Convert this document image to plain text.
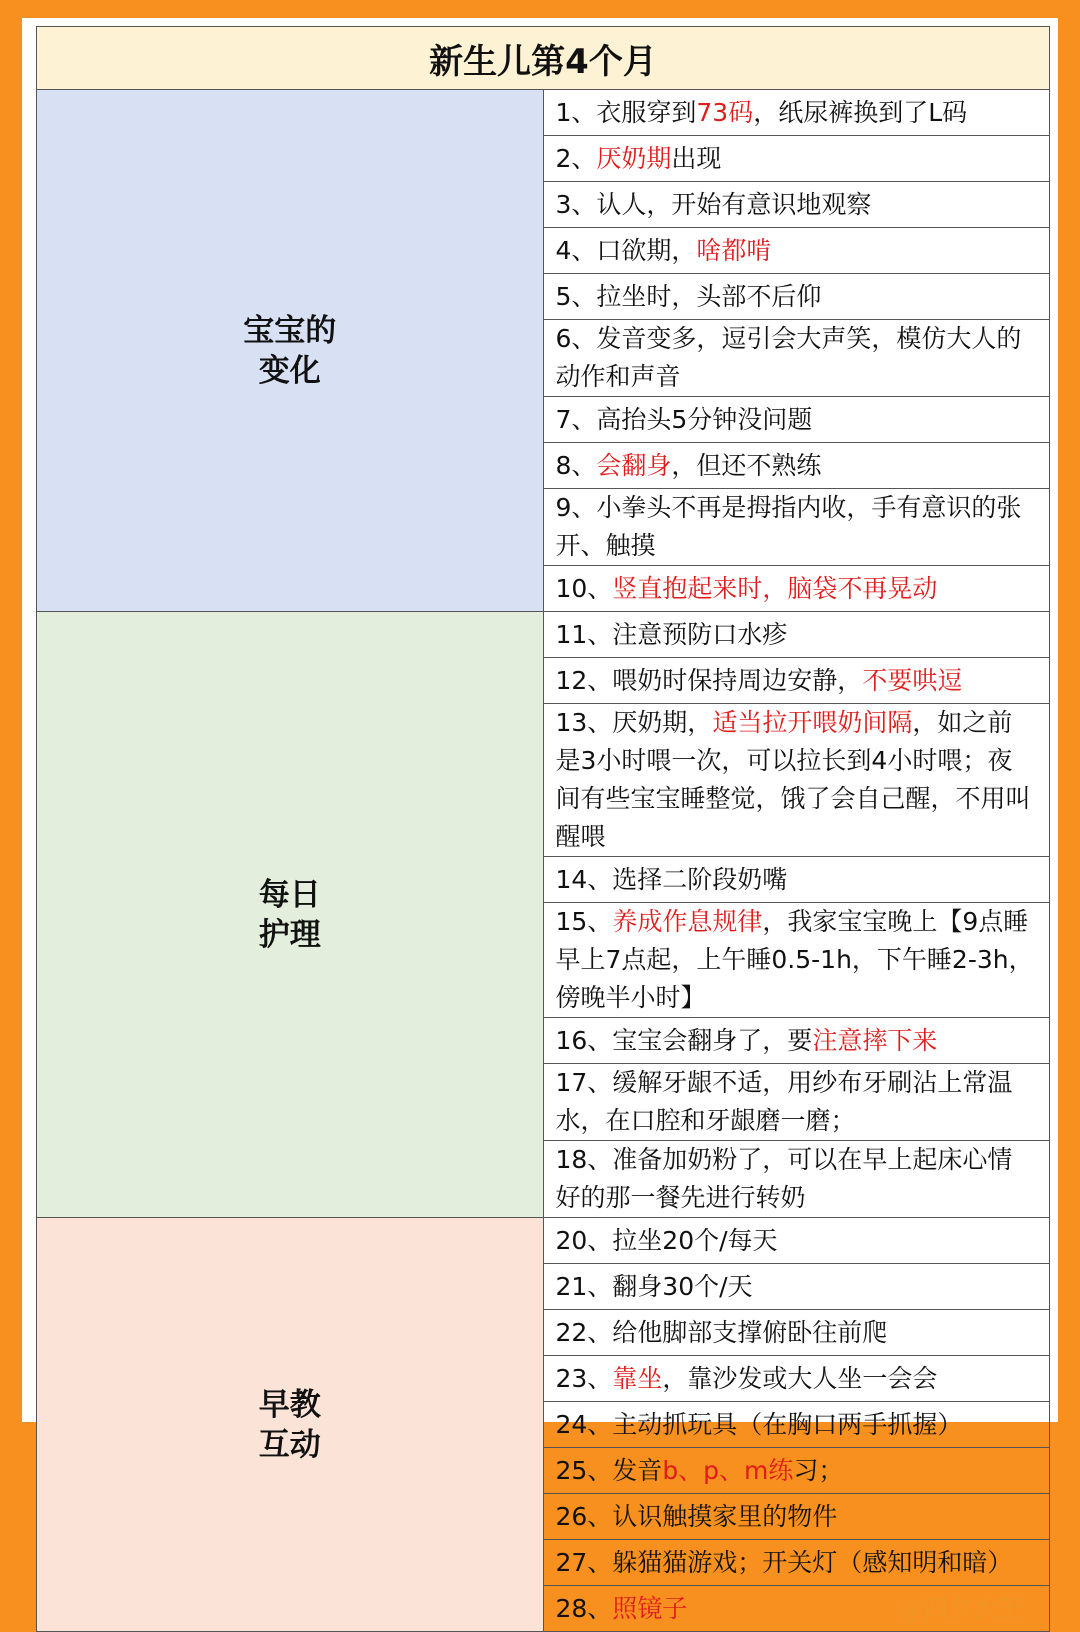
新生儿第4个月	

宝宝的
变化	1、衣服穿到73码，纸尿裤换到了L码
	2、厌奶期出现
	3、认人，开始有意识地观察
	4、口欲期，啥都啃
	5、拉坐时，头部不后仰
	6、发音变多，逗引会大声笑，模仿大人的动作和声音
	7、高抬头5分钟没问题
	8、会翻身，但还不熟练
	9、小拳头不再是拇指内收，手有意识的张开、触摸
	10、竖直抱起来时，脑袋不再晃动

每日
护理	11、注意预防口水疹
	12、喂奶时保持周边安静，不要哄逗
	13、厌奶期，适当拉开喂奶间隔，如之前是3小时喂一次，可以拉长到4小时喂；夜间有些宝宝睡整觉，饿了会自己醒，不用叫醒喂
	14、选择二阶段奶嘴
	15、养成作息规律，我家宝宝晚上【9点睡早上7点起，上午睡0.5-1h，下午睡2-3h，傍晚半小时】
	16、宝宝会翻身了，要注意摔下来
	17、缓解牙龈不适，用纱布牙刷沾上常温水，在口腔和牙龈磨一磨；
	18、准备加奶粉了，可以在早上起床心情好的那一餐先进行转奶

早教
互动	20、拉坐20个/每天
	21、翻身30个/天
	22、给他脚部支撑俯卧往前爬
	23、靠坐，靠沙发或大人坐一会会
	24、主动抓玩具（在胸口两手抓握）
	25、发音b、p、m练习；
	26、认识触摸家里的物件
	27、躲猫猫游戏；开关灯（感知明和暗）

	@四夕大王
28、照镜子
